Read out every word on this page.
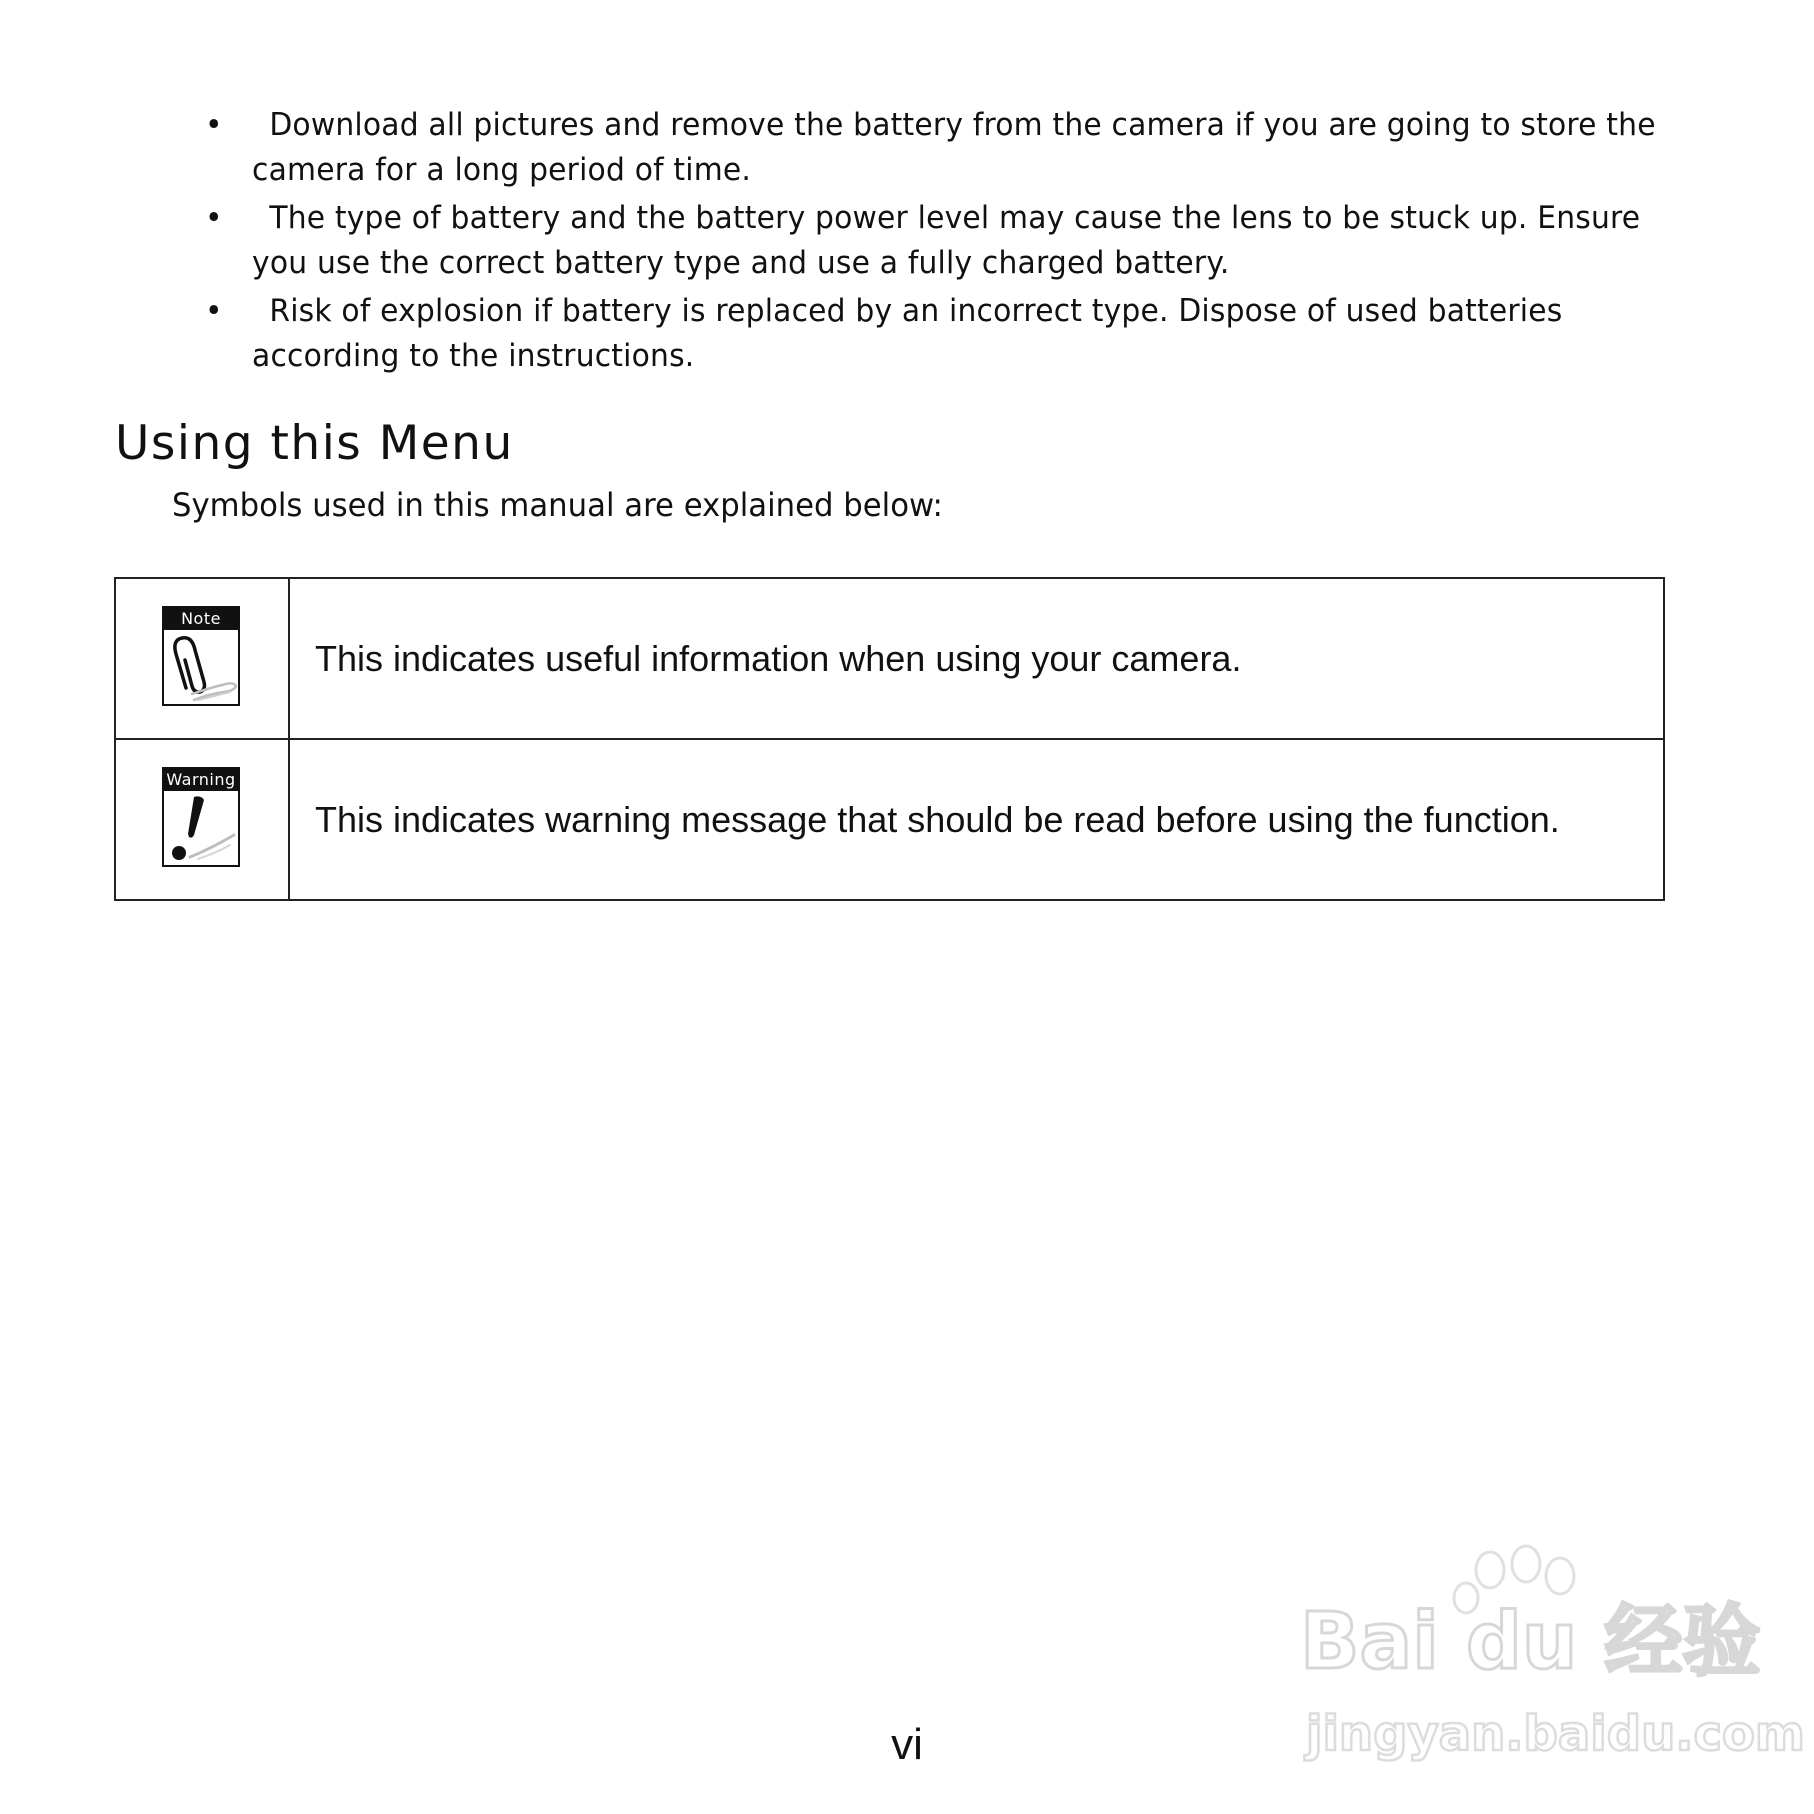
•	Download all pictures and remove the battery from the camera if you are going to store the camera for a long period of time.
•	The type of battery and the battery power level may cause the lens to be stuck up. Ensure you use the correct battery type and use a fully charged battery.
•	Risk of explosion if battery is replaced by an incorrect type. Dispose of used batteries according to the instructions.
Using this Menu

Symbols used in this manual are explained below:

Note	This indicates useful information when using your camera.

Warning	This indicates warning message that should be read before using the function.
Bai du 经验
jingyan.baidu.com

vi
